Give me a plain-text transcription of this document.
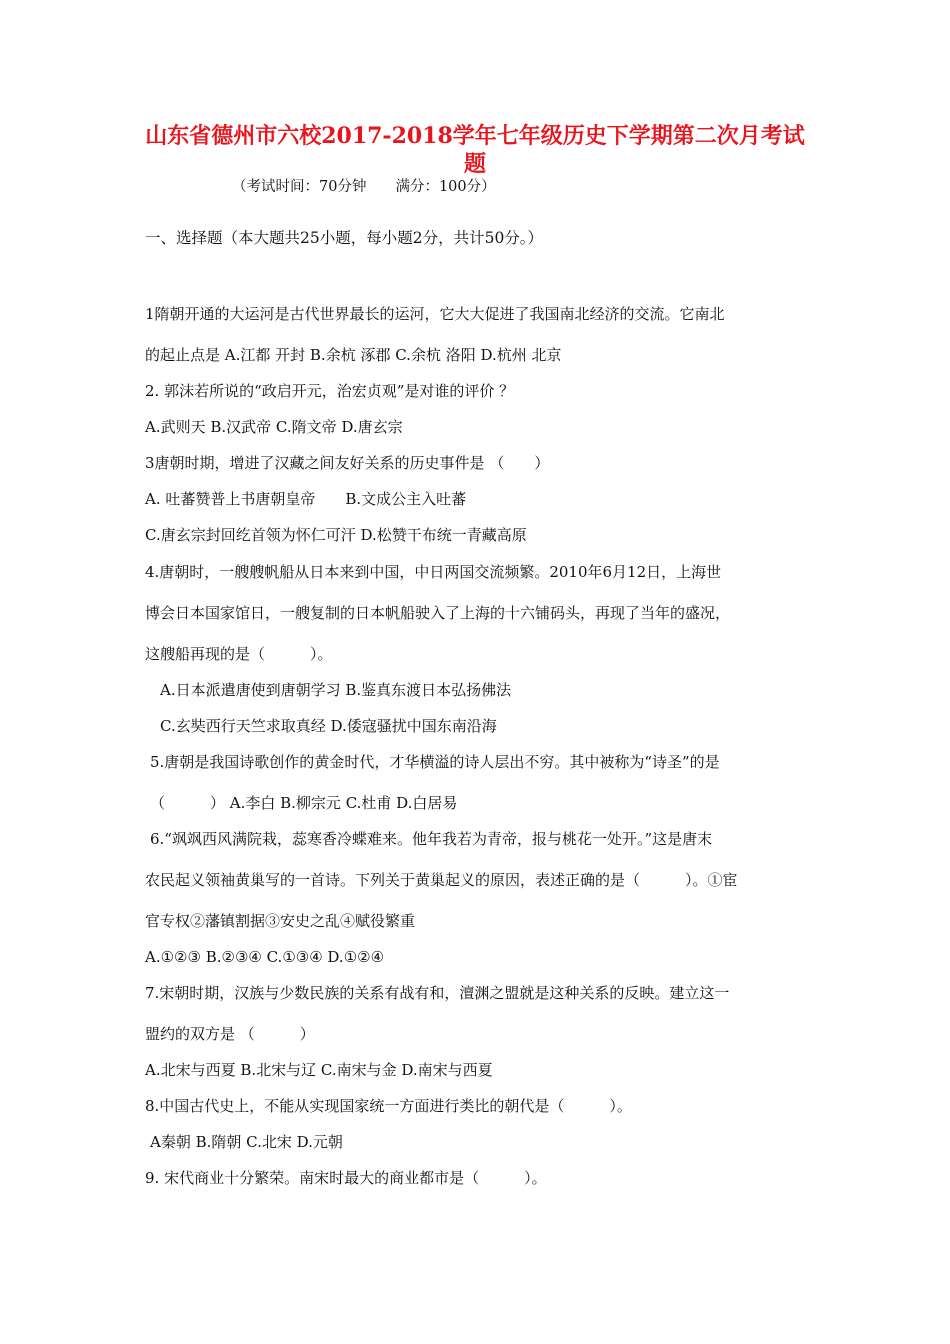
山东省德州市六校2017-2018学年七年级历史下学期第二次月考试
题
（考试时间：70分钟　　满分：100分）
一、选择题（本大题共25小题，每小题2分，共计50分。）
1隋朝开通的大运河是古代世界最长的运河，它大大促进了我国南北经济的交流。它南北
的起止点是 A.江都 开封 B.余杭 涿郡 C.余杭 洛阳 D.杭州 北京
2. 郭沫若所说的“政启开元，治宏贞观”是对谁的评价 ？
A.武则天 B.汉武帝 C.隋文帝 D.唐玄宗
3唐朝时期，增进了汉藏之间友好关系的历史事件是 （　　）
A. 吐蕃赞普上书唐朝皇帝　　B.文成公主入吐蕃
C.唐玄宗封回纥首领为怀仁可汗 D.松赞干布统一青藏高原
4.唐朝时，一艘艘帆船从日本来到中国，中日两国交流频繁。2010年6月12日，上海世
博会日本国家馆日，一艘复制的日本帆船驶入了上海的十六铺码头，再现了当年的盛况，
这艘船再现的是（　　　）。
A.日本派遣唐使到唐朝学习 B.鉴真东渡日本弘扬佛法
C.玄奘西行天竺求取真经 D.倭寇骚扰中国东南沿海
5.唐朝是我国诗歌创作的黄金时代，才华横溢的诗人层出不穷。其中被称为“诗圣”的是
（　　　） A.李白 B.柳宗元 C.杜甫 D.白居易
6.“飒飒西风满院栽，蕊寒香冷蝶难来。他年我若为青帝，报与桃花一处开。”这是唐末
农民起义领袖黄巢写的一首诗。下列关于黄巢起义的原因，表述正确的是（　　　）。①宦
官专权②藩镇割据③安史之乱④赋役繁重
A.①②③ B.②③④ C.①③④ D.①②④
7.宋朝时期，汉族与少数民族的关系有战有和，澶渊之盟就是这种关系的反映。建立这一
盟约的双方是 （　　　）
A.北宋与西夏 B.北宋与辽 C.南宋与金 D.南宋与西夏
8.中国古代史上，不能从实现国家统一方面进行类比的朝代是（　　　）。
A秦朝 B.隋朝 C.北宋 D.元朝
9. 宋代商业十分繁荣。南宋时最大的商业都市是（　　　）。
